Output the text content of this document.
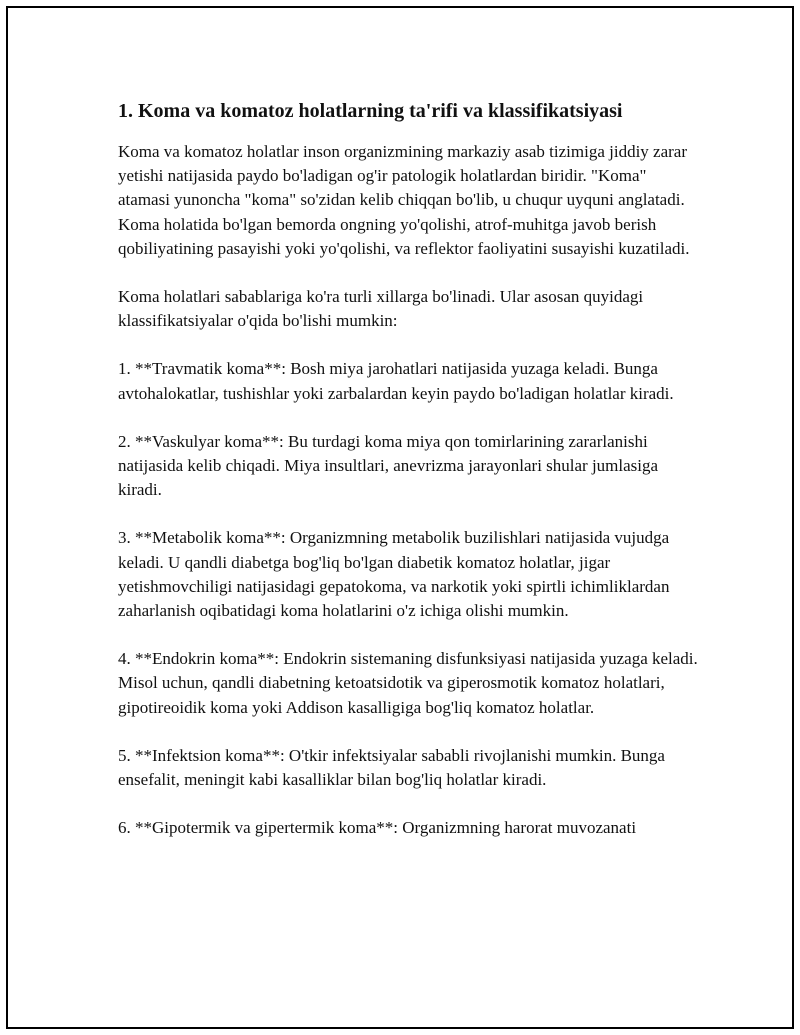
1. Koma va komatoz holatlarning ta'rifi va klassifikatsiyasi

Koma va komatoz holatlar inson organizmining markaziy asab tizimiga jiddiy zarar yetishi natijasida paydo bo'ladigan og'ir patologik holatlardan biridir. "Koma" atamasi yunoncha "koma" so'zidan kelib chiqqan bo'lib, u chuqur uyquni anglatadi. Koma holatida bo'lgan bemorda ongning yo'qolishi, atrof-muhitga javob berish qobiliyatining pasayishi yoki yo'qolishi, va reflektor faoliyatini susayishi kuzatiladi.

Koma holatlari sabablariga ko'ra turli xillarga bo'linadi. Ular asosan quyidagi klassifikatsiyalar o'qida bo'lishi mumkin:

1. **Travmatik koma**: Bosh miya jarohatlari natijasida yuzaga keladi. Bunga avtohalokatlar, tushishlar yoki zarbalardan keyin paydo bo'ladigan holatlar kiradi.

2. **Vaskulyar koma**: Bu turdagi koma miya qon tomirlarining zararlanishi natijasida kelib chiqadi. Miya insultlari, anevrizma jarayonlari shular jumlasiga kiradi.

3. **Metabolik koma**: Organizmning metabolik buzilishlari natijasida vujudga keladi. U qandli diabetga bog'liq bo'lgan diabetik komatoz holatlar, jigar yetishmovchiligi natijasidagi gepatokoma, va narkotik yoki spirtli ichimliklardan zaharlanish oqibatidagi koma holatlarini o'z ichiga olishi mumkin.

4. **Endokrin koma**: Endokrin sistemaning disfunksiyasi natijasida yuzaga keladi. Misol uchun, qandli diabetning ketoatsidotik va giperosmotik komatoz holatlari, gipotireoidik koma yoki Addison kasalligiga bog'liq komatoz holatlar.

5. **Infektsion koma**: O'tkir infektsiyalar sababli rivojlanishi mumkin. Bunga ensefalit, meningit kabi kasalliklar bilan bog'liq holatlar kiradi.

6. **Gipotermik va gipertermik koma**: Organizmning harorat muvozanati
